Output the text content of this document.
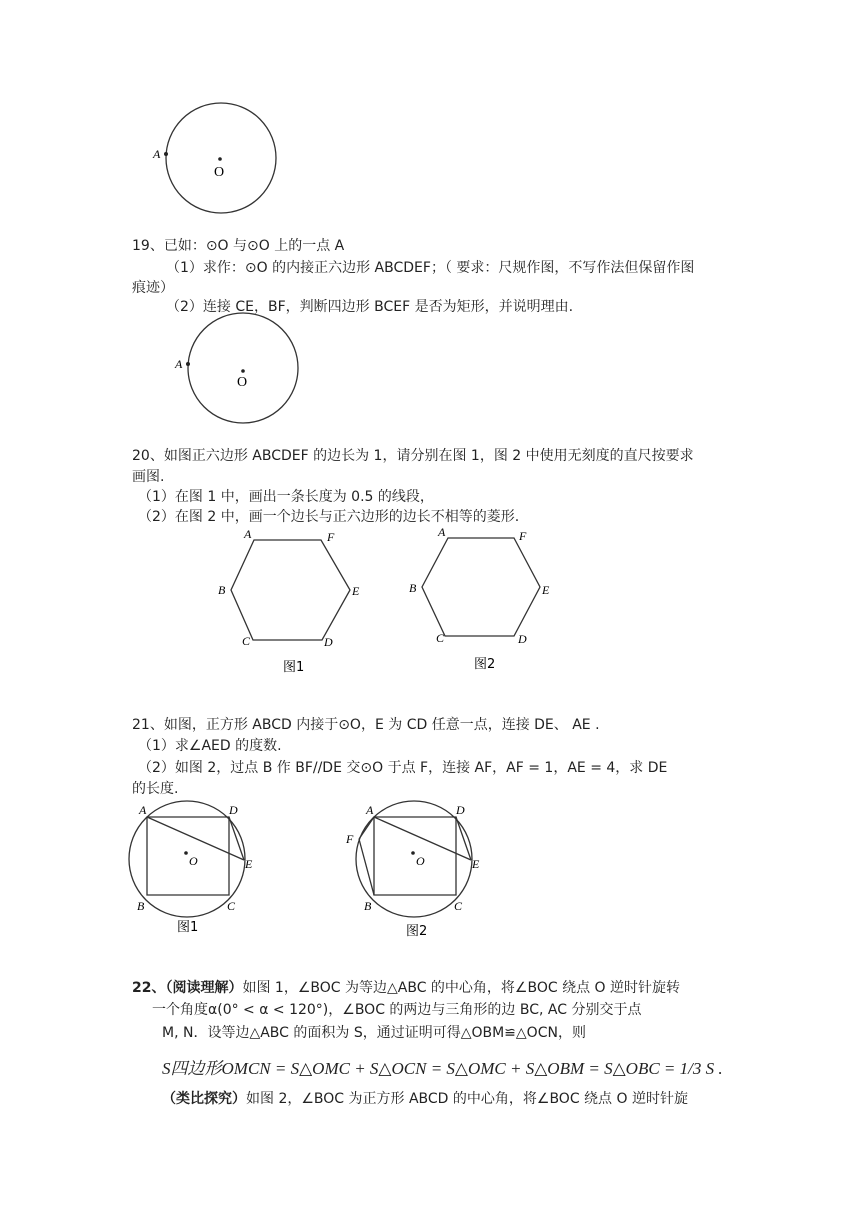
A
O
19、已如：⊙O 与⊙O 上的一点 A
（1）求作：⊙O 的内接正六边形 ABCDEF；（ 要求：尺规作图，不写作法但保留作图
痕迹）
（2）连接 CE，BF，判断四边形 BCEF 是否为矩形，并说明理由.
A
O
20、如图正六边形 ABCDEF 的边长为 1，请分别在图 1，图 2 中使用无刻度的直尺按要求
画图.
（1）在图 1 中，画出一条长度为 0.5 的线段，
（2）在图 2 中，画一个边长与正六边形的边长不相等的菱形.
A	F
B	E
C	D
图1
A	F
B	E
C	D
图2
21、如图，正方形 ABCD 内接于⊙O，E 为 CD 任意一点，连接 DE、 AE .
（1）求∠AED 的度数.
（2）如图 2，过点 B 作 BF//DE 交⊙O 于点 F，连接 AF，AF = 1，AE = 4，求 DE
的长度.
A	D
E
B	C
O
图1
A	D
F
E
B	C
O
图2
22、（阅读理解）如图 1，∠BOC 为等边△ABC 的中心角，将∠BOC 绕点 O 逆时针旋转
一个角度α(0° < α < 120°)，∠BOC 的两边与三角形的边 BC, AC 分别交于点
M, N．设等边△ABC 的面积为 S，通过证明可得△OBM≌△OCN，则
S四边形OMCN = S△OMC + S△OCN = S△OMC + S△OBM = S△OBC = 1/3 S .
（类比探究）如图 2，∠BOC 为正方形 ABCD 的中心角，将∠BOC 绕点 O 逆时针旋
